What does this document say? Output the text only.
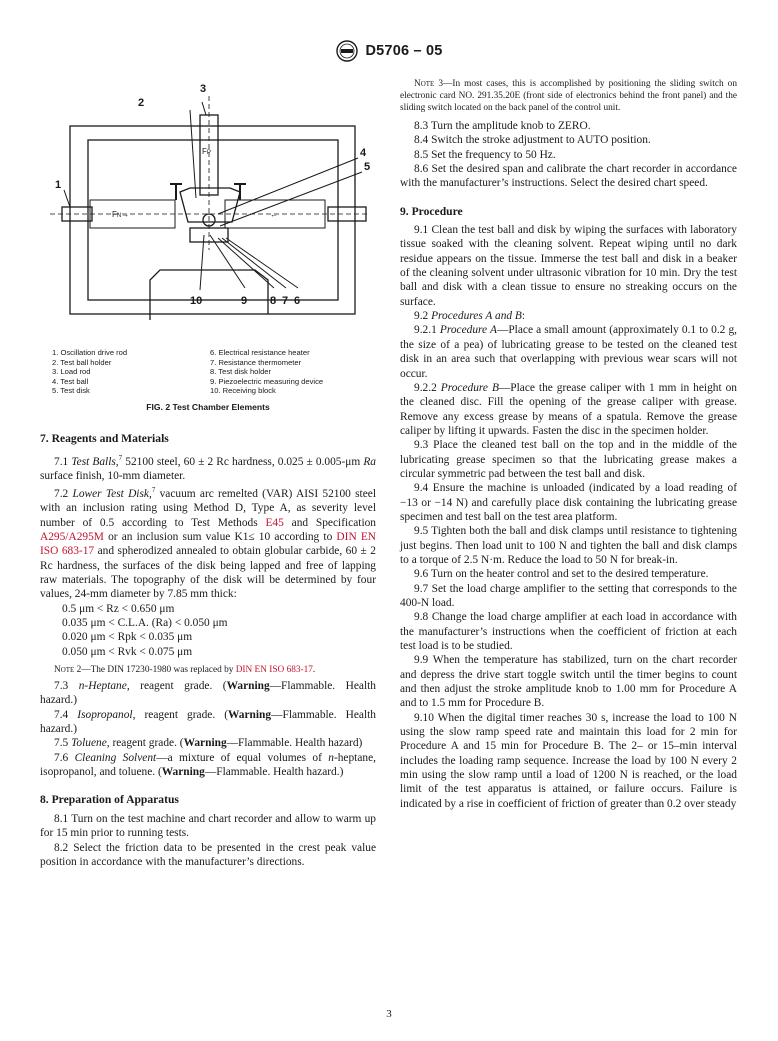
D5706 – 05
FN→	←
FP
2
3
4
5
1
10	9 8 7 6
1. Oscillation drive rod
2. Test ball holder
3. Load rod
4. Test ball
5. Test disk
6. Electrical resistance heater
7. Resistance thermometer
8. Test disk holder
9. Piezoelectric measuring device
10. Receiving block
FIG. 2 Test Chamber Elements
7. Reagents and Materials

7.1 Test Balls,$^7$ 52100 steel, 60 ± 2 Rc hardness, 0.025 ± 0.005-μm Ra surface finish, 10-mm diameter.

7.2 Lower Test Disk,$^7$ vacuum arc remelted (VAR) AISI 52100 steel with an inclusion rating using Method D, Type A, as severity level number of 0.5 according to Test Methods E45 and Specification A295/A295M or an inclusion sum value K1≤ 10 according to DIN EN ISO 683-17 and spherodized annealed to obtain globular carbide, 60 ± 2 Rc hardness, the surfaces of the disk being lapped and free of lapping raw materials. The topography of the disk will be determined by four values, 24-mm diameter by 7.85 mm thick:

0.5 μm < Rz < 0.650 μm

0.035 μm < C.L.A. (Ra) < 0.050 μm

0.020 μm < Rpk < 0.035 μm

0.050 μm < Rvk < 0.075 μm

Note 2—The DIN 17230-1980 was replaced by DIN EN ISO 683-17.

7.3 n-Heptane, reagent grade. (Warning—Flammable. Health hazard.)

7.4 Isopropanol, reagent grade. (Warning—Flammable. Health hazard.)

7.5 Toluene, reagent grade. (Warning—Flammable. Health hazard)

7.6 Cleaning Solvent—a mixture of equal volumes of n-heptane, isopropanol, and toluene. (Warning—Flammable. Health hazard.)

8. Preparation of Apparatus

8.1 Turn on the test machine and chart recorder and allow to warm up for 15 min prior to running tests.

8.2 Select the friction data to be presented in the crest peak value position in accordance with the manufacturer’s directions.

Note 3—In most cases, this is accomplished by positioning the sliding switch on electronic card NO. 291.35.20E (front side of electronics behind the front panel) and the sliding switch located on the back panel of the control unit.

8.3 Turn the amplitude knob to ZERO.

8.4 Switch the stroke adjustment to AUTO position.

8.5 Set the frequency to 50 Hz.

8.6 Set the desired span and calibrate the chart recorder in accordance with the manufacturer’s instructions. Select the desired chart speed.

9. Procedure

9.1 Clean the test ball and disk by wiping the surfaces with laboratory tissue soaked with the cleaning solvent. Repeat wiping until no dark residue appears on the tissue. Immerse the test ball and disk in a beaker of the cleaning solvent under ultrasonic vibration for 10 min. Dry the test ball and disk with a clean tissue to ensure no streaking occurs on the surface.

9.2 Procedures A and B:

9.2.1 Procedure A—Place a small amount (approximately 0.1 to 0.2 g, the size of a pea) of lubricating grease to be tested on the cleaned test disk in an area such that overlapping with previous wear scars will not occur.

9.2.2 Procedure B—Place the grease caliper with 1 mm in height on the cleaned disc. Fill the opening of the grease caliper with grease. Remove any excess grease by means of a spatula. Remove the grease caliper by lifting it upwards. Fasten the disc in the specimen holder.

9.3 Place the cleaned test ball on the top and in the middle of the lubricating grease specimen so that the lubricating grease makes a circular symmetric pad between the test ball and disk.

9.4 Ensure the machine is unloaded (indicated by a load reading of −13 or −14 N) and carefully place disk containing the lubricating grease specimen and test ball on the test area platform.

9.5 Tighten both the ball and disk clamps until resistance to tightening just begins. Then load unit to 100 N and tighten the ball and disk clamps to a torque of 2.5 N·m. Reduce the load to 50 N for break-in.

9.6 Turn on the heater control and set to the desired temperature.

9.7 Set the load charge amplifier to the setting that corresponds to the 400-N load.

9.8 Change the load charge amplifier at each load in accordance with the manufacturer’s instructions when the coefficient of friction at each test load is to be studied.

9.9 When the temperature has stabilized, turn on the chart recorder and depress the drive start toggle switch until the timer begins to count and then adjust the stroke amplitude knob to 1.00 mm for Procedure A and to 1.5 mm for Procedure B.

9.10 When the digital timer reaches 30 s, increase the load to 100 N using the slow ramp speed rate and maintain this load for 2 min for Procedure A and 15 min for Procedure B. The 2– or 15–min interval includes the loading ramp sequence. Increase the load by 100 N every 2 min using the slow ramp until a load of 1200 N is reached, or the load limit of the test apparatus is attained, or failure occurs. Failure is indicated by a rise in coefficient of friction of greater than 0.2 over steady

3
